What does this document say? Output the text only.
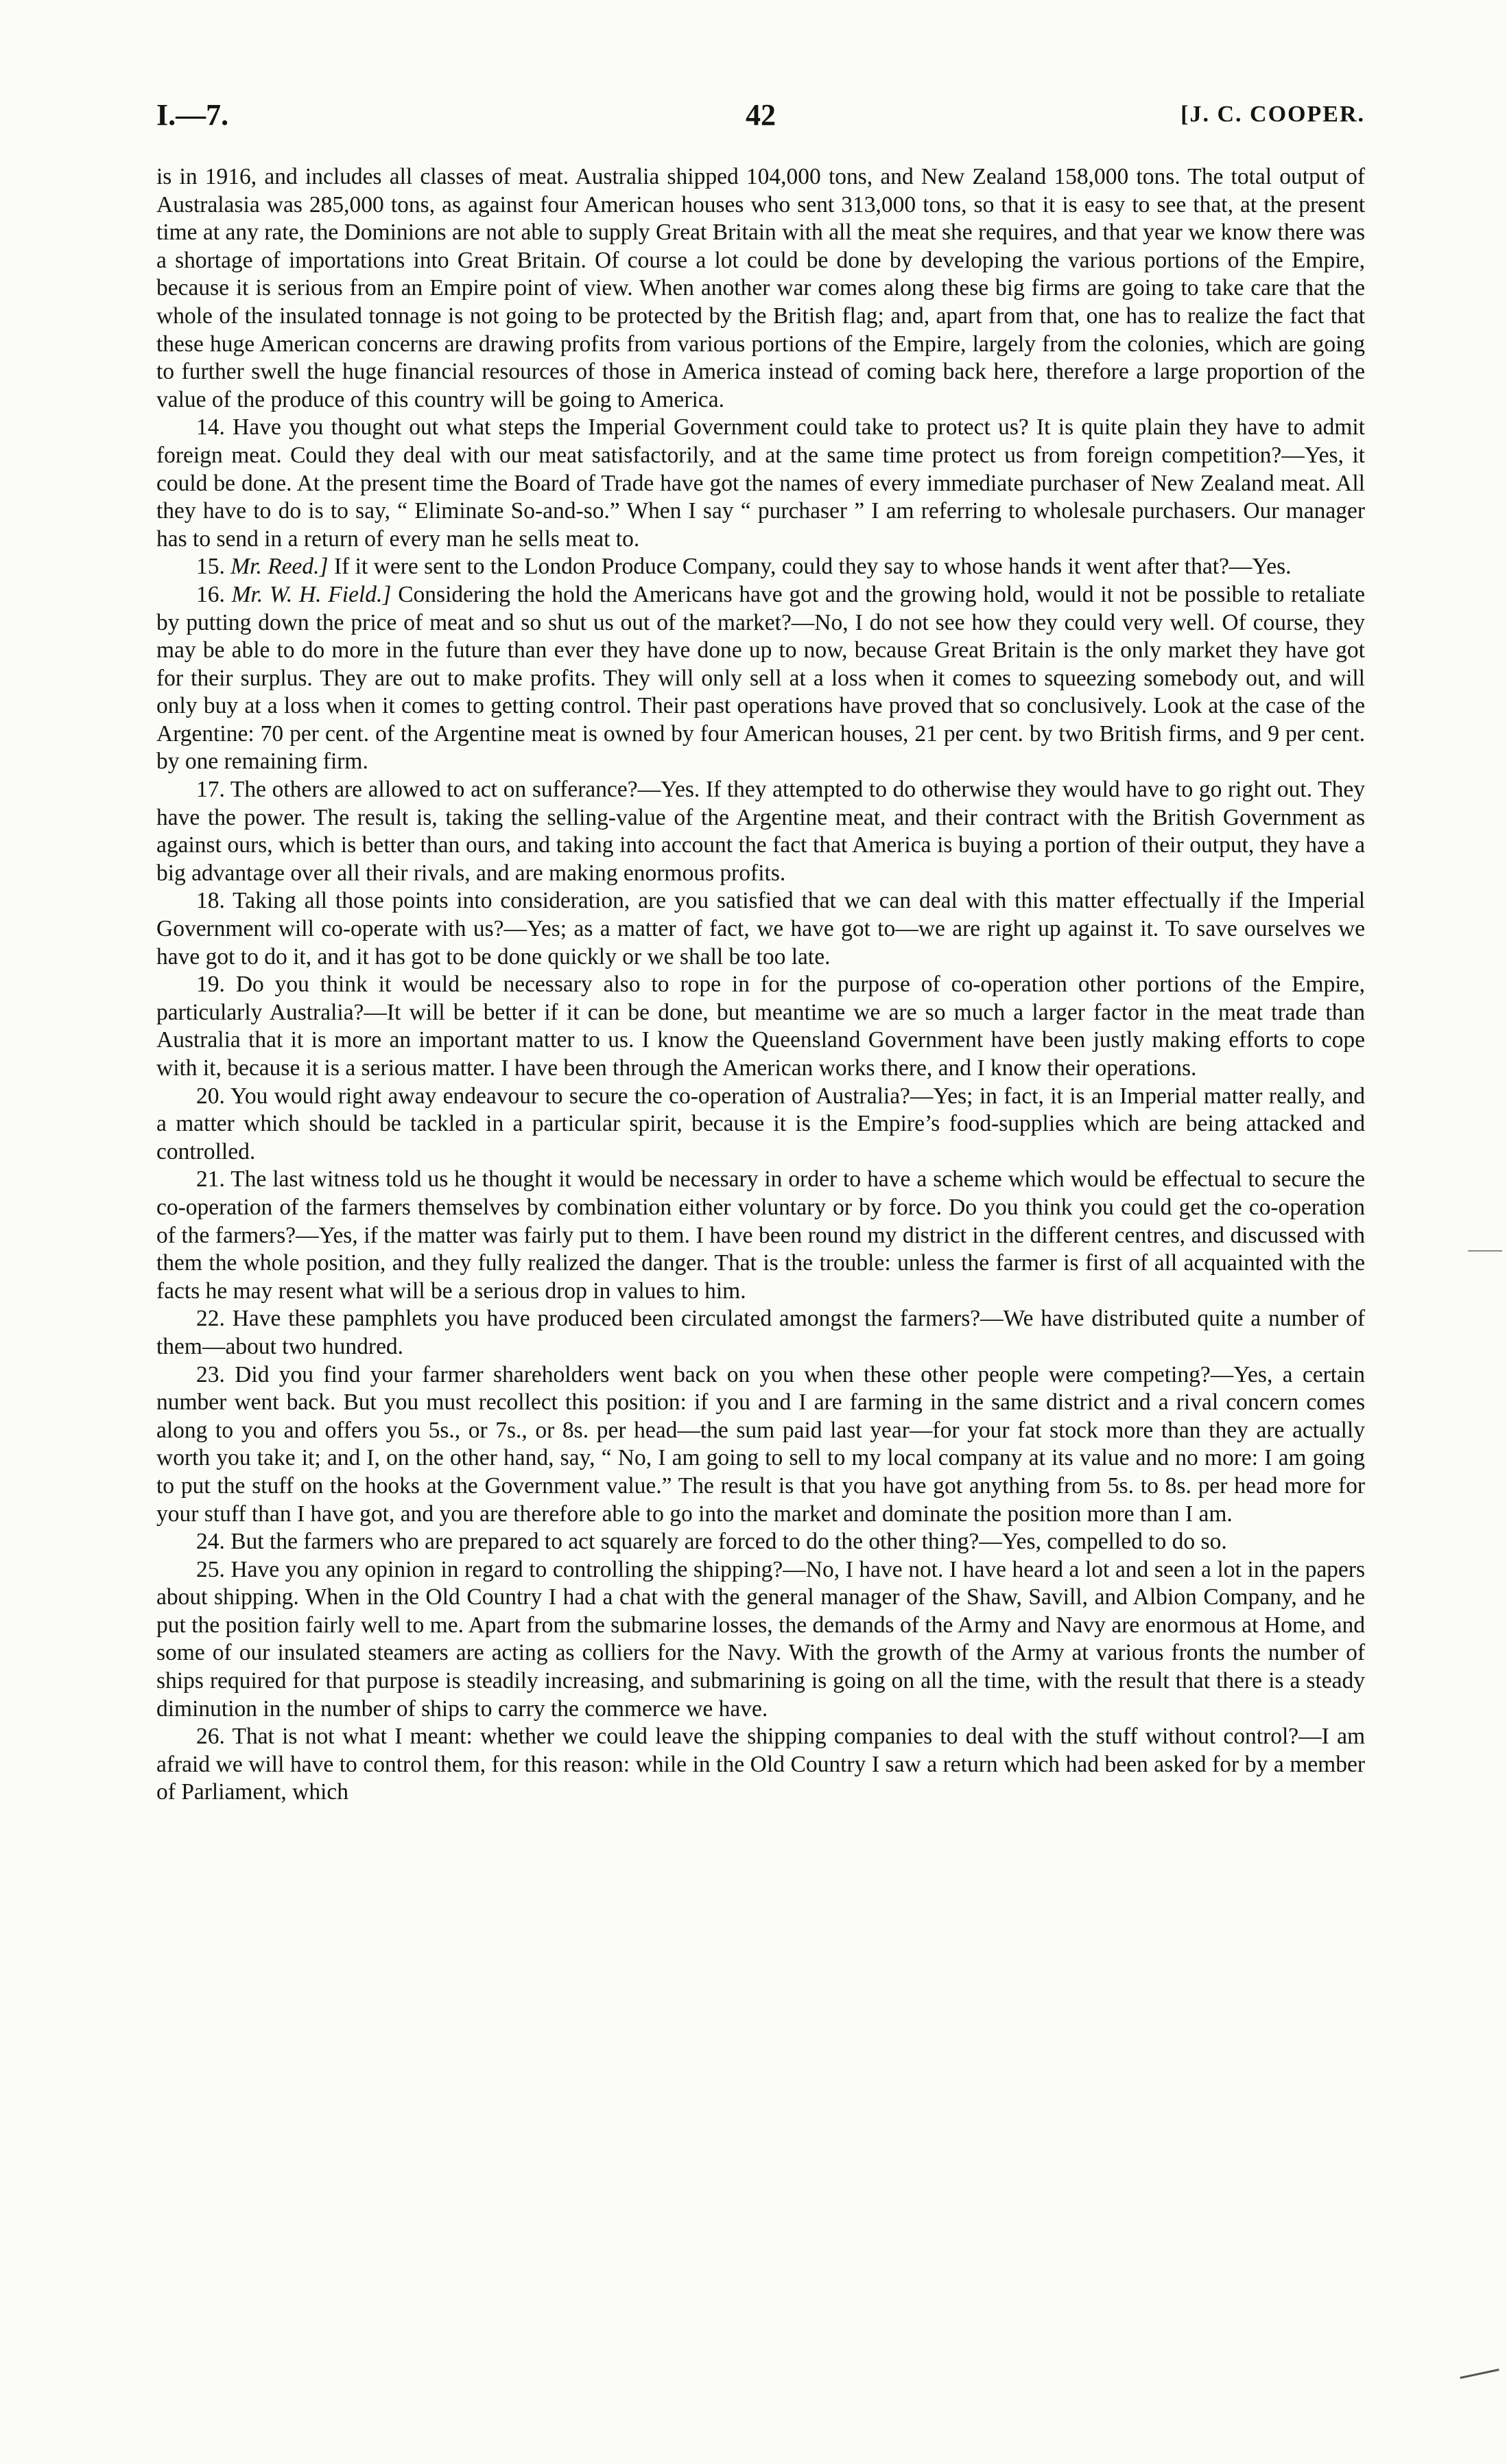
I.—7.	42	[J. C. COOPER.

is in 1916, and includes all classes of meat. Australia shipped 104,000 tons, and New Zealand 158,000 tons. The total output of Australasia was 285,000 tons, as against four American houses who sent 313,000 tons, so that it is easy to see that, at the present time at any rate, the Dominions are not able to supply Great Britain with all the meat she requires, and that year we know there was a shortage of importations into Great Britain. Of course a lot could be done by developing the various portions of the Empire, because it is serious from an Empire point of view. When another war comes along these big firms are going to take care that the whole of the insulated tonnage is not going to be protected by the British flag; and, apart from that, one has to realize the fact that these huge American concerns are drawing profits from various portions of the Empire, largely from the colonies, which are going to further swell the huge financial resources of those in America instead of coming back here, therefore a large proportion of the value of the produce of this country will be going to America.

14. Have you thought out what steps the Imperial Government could take to protect us? It is quite plain they have to admit foreign meat. Could they deal with our meat satisfactorily, and at the same time protect us from foreign competition?—Yes, it could be done. At the present time the Board of Trade have got the names of every immediate purchaser of New Zealand meat. All they have to do is to say, “ Eliminate So-and-so.” When I say “ purchaser ” I am referring to wholesale purchasers. Our manager has to send in a return of every man he sells meat to.

15. Mr. Reed.] If it were sent to the London Produce Company, could they say to whose hands it went after that?—Yes.

16. Mr. W. H. Field.] Considering the hold the Americans have got and the growing hold, would it not be possible to retaliate by putting down the price of meat and so shut us out of the market?—No, I do not see how they could very well. Of course, they may be able to do more in the future than ever they have done up to now, because Great Britain is the only market they have got for their surplus. They are out to make profits. They will only sell at a loss when it comes to squeezing somebody out, and will only buy at a loss when it comes to getting control. Their past operations have proved that so conclusively. Look at the case of the Argentine: 70 per cent. of the Argentine meat is owned by four American houses, 21 per cent. by two British firms, and 9 per cent. by one remaining firm.

17. The others are allowed to act on sufferance?—Yes. If they attempted to do otherwise they would have to go right out. They have the power. The result is, taking the selling-value of the Argentine meat, and their contract with the British Government as against ours, which is better than ours, and taking into account the fact that America is buying a portion of their output, they have a big advantage over all their rivals, and are making enormous profits.

18. Taking all those points into consideration, are you satisfied that we can deal with this matter effectually if the Imperial Government will co-operate with us?—Yes; as a matter of fact, we have got to—we are right up against it. To save ourselves we have got to do it, and it has got to be done quickly or we shall be too late.

19. Do you think it would be necessary also to rope in for the purpose of co-operation other portions of the Empire, particularly Australia?—It will be better if it can be done, but meantime we are so much a larger factor in the meat trade than Australia that it is more an important matter to us. I know the Queensland Government have been justly making efforts to cope with it, because it is a serious matter. I have been through the American works there, and I know their operations.

20. You would right away endeavour to secure the co-operation of Australia?—Yes; in fact, it is an Imperial matter really, and a matter which should be tackled in a particular spirit, because it is the Empire’s food-supplies which are being attacked and controlled.

21. The last witness told us he thought it would be necessary in order to have a scheme which would be effectual to secure the co-operation of the farmers themselves by combination either voluntary or by force. Do you think you could get the co-operation of the farmers?—Yes, if the matter was fairly put to them. I have been round my district in the different centres, and discussed with them the whole position, and they fully realized the danger. That is the trouble: unless the farmer is first of all acquainted with the facts he may resent what will be a serious drop in values to him.

22. Have these pamphlets you have produced been circulated amongst the farmers?—We have distributed quite a number of them—about two hundred.

23. Did you find your farmer shareholders went back on you when these other people were competing?—Yes, a certain number went back. But you must recollect this position: if you and I are farming in the same district and a rival concern comes along to you and offers you 5s., or 7s., or 8s. per head—the sum paid last year—for your fat stock more than they are actually worth you take it; and I, on the other hand, say, “ No, I am going to sell to my local company at its value and no more: I am going to put the stuff on the hooks at the Government value.” The result is that you have got anything from 5s. to 8s. per head more for your stuff than I have got, and you are therefore able to go into the market and dominate the position more than I am.

24. But the farmers who are prepared to act squarely are forced to do the other thing?—Yes, compelled to do so.

25. Have you any opinion in regard to controlling the shipping?—No, I have not. I have heard a lot and seen a lot in the papers about shipping. When in the Old Country I had a chat with the general manager of the Shaw, Savill, and Albion Company, and he put the position fairly well to me. Apart from the submarine losses, the demands of the Army and Navy are enormous at Home, and some of our insulated steamers are acting as colliers for the Navy. With the growth of the Army at various fronts the number of ships required for that purpose is steadily increasing, and submarining is going on all the time, with the result that there is a steady diminution in the number of ships to carry the commerce we have.

26. That is not what I meant: whether we could leave the shipping companies to deal with the stuff without control?—I am afraid we will have to control them, for this reason: while in the Old Country I saw a return which had been asked for by a member of Parliament, which
